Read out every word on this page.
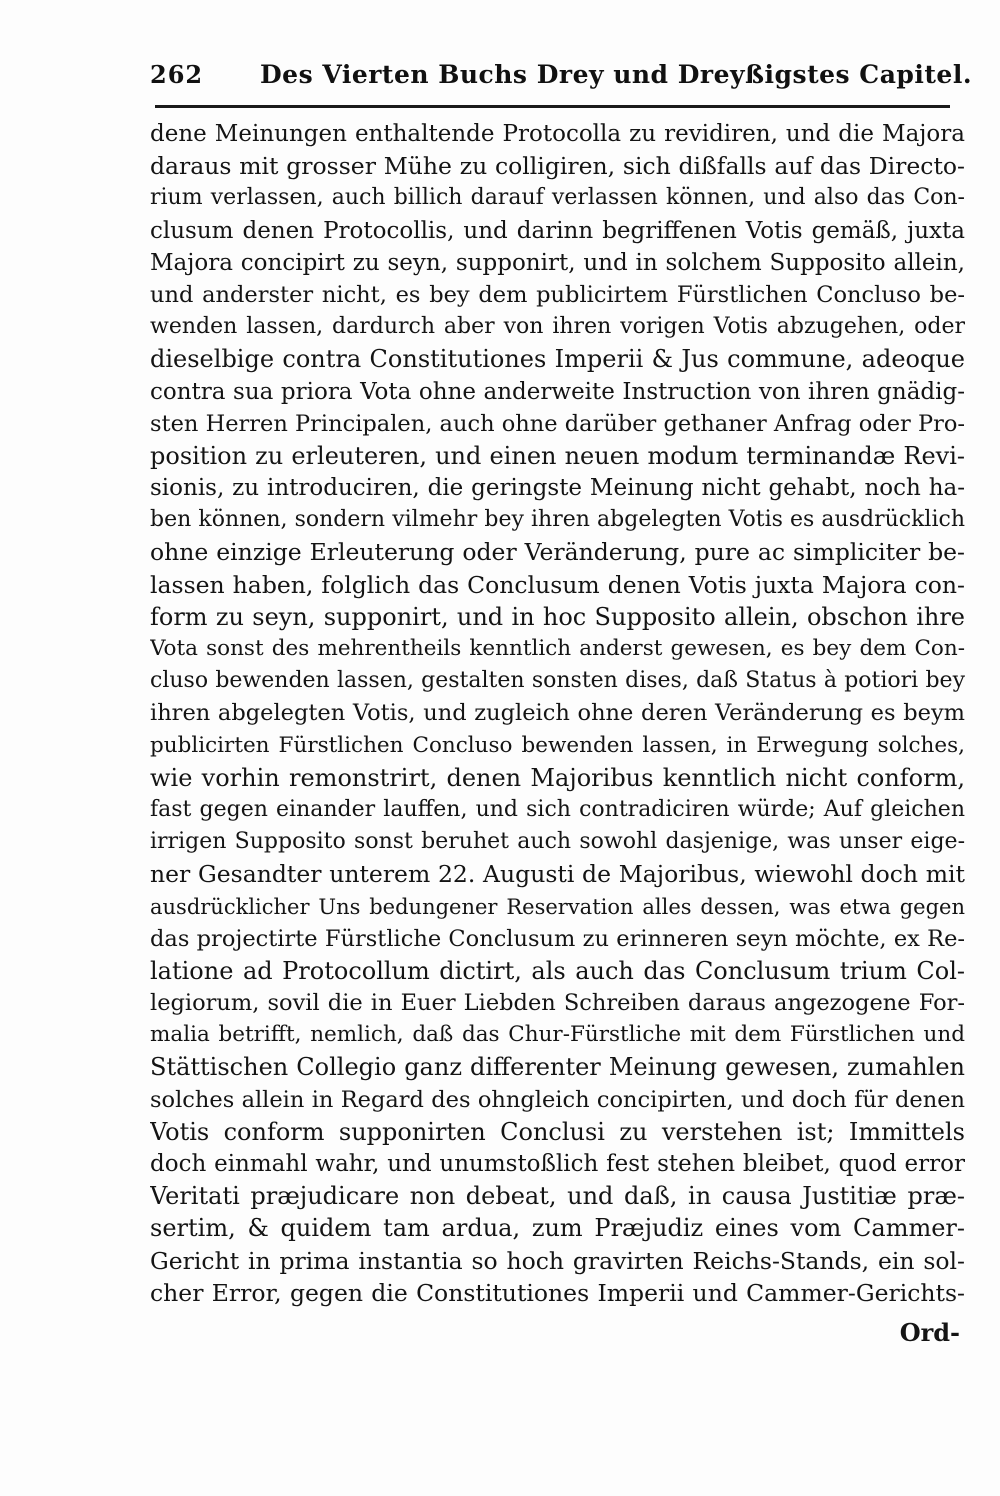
262 Des Vierten Buchs Drey und Dreyßigstes Capitel.
dene Meinungen enthaltende Protocolla zu revidiren, und die Majora
daraus mit grosser Mühe zu colligiren, sich dißfalls auf das Directo-
rium verlassen, auch billich darauf verlassen können, und also das Con-
clusum denen Protocollis, und darinn begriffenen Votis gemäß, juxta
Majora concipirt zu seyn, supponirt, und in solchem Supposito allein,
und anderster nicht, es bey dem publicirtem Fürstlichen Concluso be-
wenden lassen, dardurch aber von ihren vorigen Votis abzugehen, oder
dieselbige contra Constitutiones Imperii & Jus commune, adeoque
contra sua priora Vota ohne anderweite Instruction von ihren gnädig-
sten Herren Principalen, auch ohne darüber gethaner Anfrag oder Pro-
position zu erleuteren, und einen neuen modum terminandæ Revi-
sionis, zu introduciren, die geringste Meinung nicht gehabt, noch ha-
ben können, sondern vilmehr bey ihren abgelegten Votis es ausdrücklich
ohne einzige Erleuterung oder Veränderung, pure ac simpliciter be-
lassen haben, folglich das Conclusum denen Votis juxta Majora con-
form zu seyn, supponirt, und in hoc Supposito allein, obschon ihre
Vota sonst des mehrentheils kenntlich anderst gewesen, es bey dem Con-
cluso bewenden lassen, gestalten sonsten dises, daß Status à potiori bey
ihren abgelegten Votis, und zugleich ohne deren Veränderung es beym
publicirten Fürstlichen Concluso bewenden lassen, in Erwegung solches,
wie vorhin remonstrirt, denen Majoribus kenntlich nicht conform,
fast gegen einander lauffen, und sich contradiciren würde; Auf gleichen
irrigen Supposito sonst beruhet auch sowohl dasjenige, was unser eige-
ner Gesandter unterem 22. Augusti de Majoribus, wiewohl doch mit
ausdrücklicher Uns bedungener Reservation alles dessen, was etwa gegen
das projectirte Fürstliche Conclusum zu erinneren seyn möchte, ex Re-
latione ad Protocollum dictirt, als auch das Conclusum trium Col-
legiorum, sovil die in Euer Liebden Schreiben daraus angezogene For-
malia betrifft, nemlich, daß das Chur-Fürstliche mit dem Fürstlichen und
Stättischen Collegio ganz differenter Meinung gewesen, zumahlen
solches allein in Regard des ohngleich concipirten, und doch für denen
Votis conform supponirten Conclusi zu verstehen ist; Immittels
doch einmahl wahr, und unumstoßlich fest stehen bleibet, quod error
Veritati præjudicare non debeat, und daß, in causa Justitiæ præ-
sertim, & quidem tam ardua, zum Præjudiz eines vom Cammer-
Gericht in prima instantia so hoch gravirten Reichs-Stands, ein sol-
cher Error, gegen die Constitutiones Imperii und Cammer-Gerichts-
Ord-
